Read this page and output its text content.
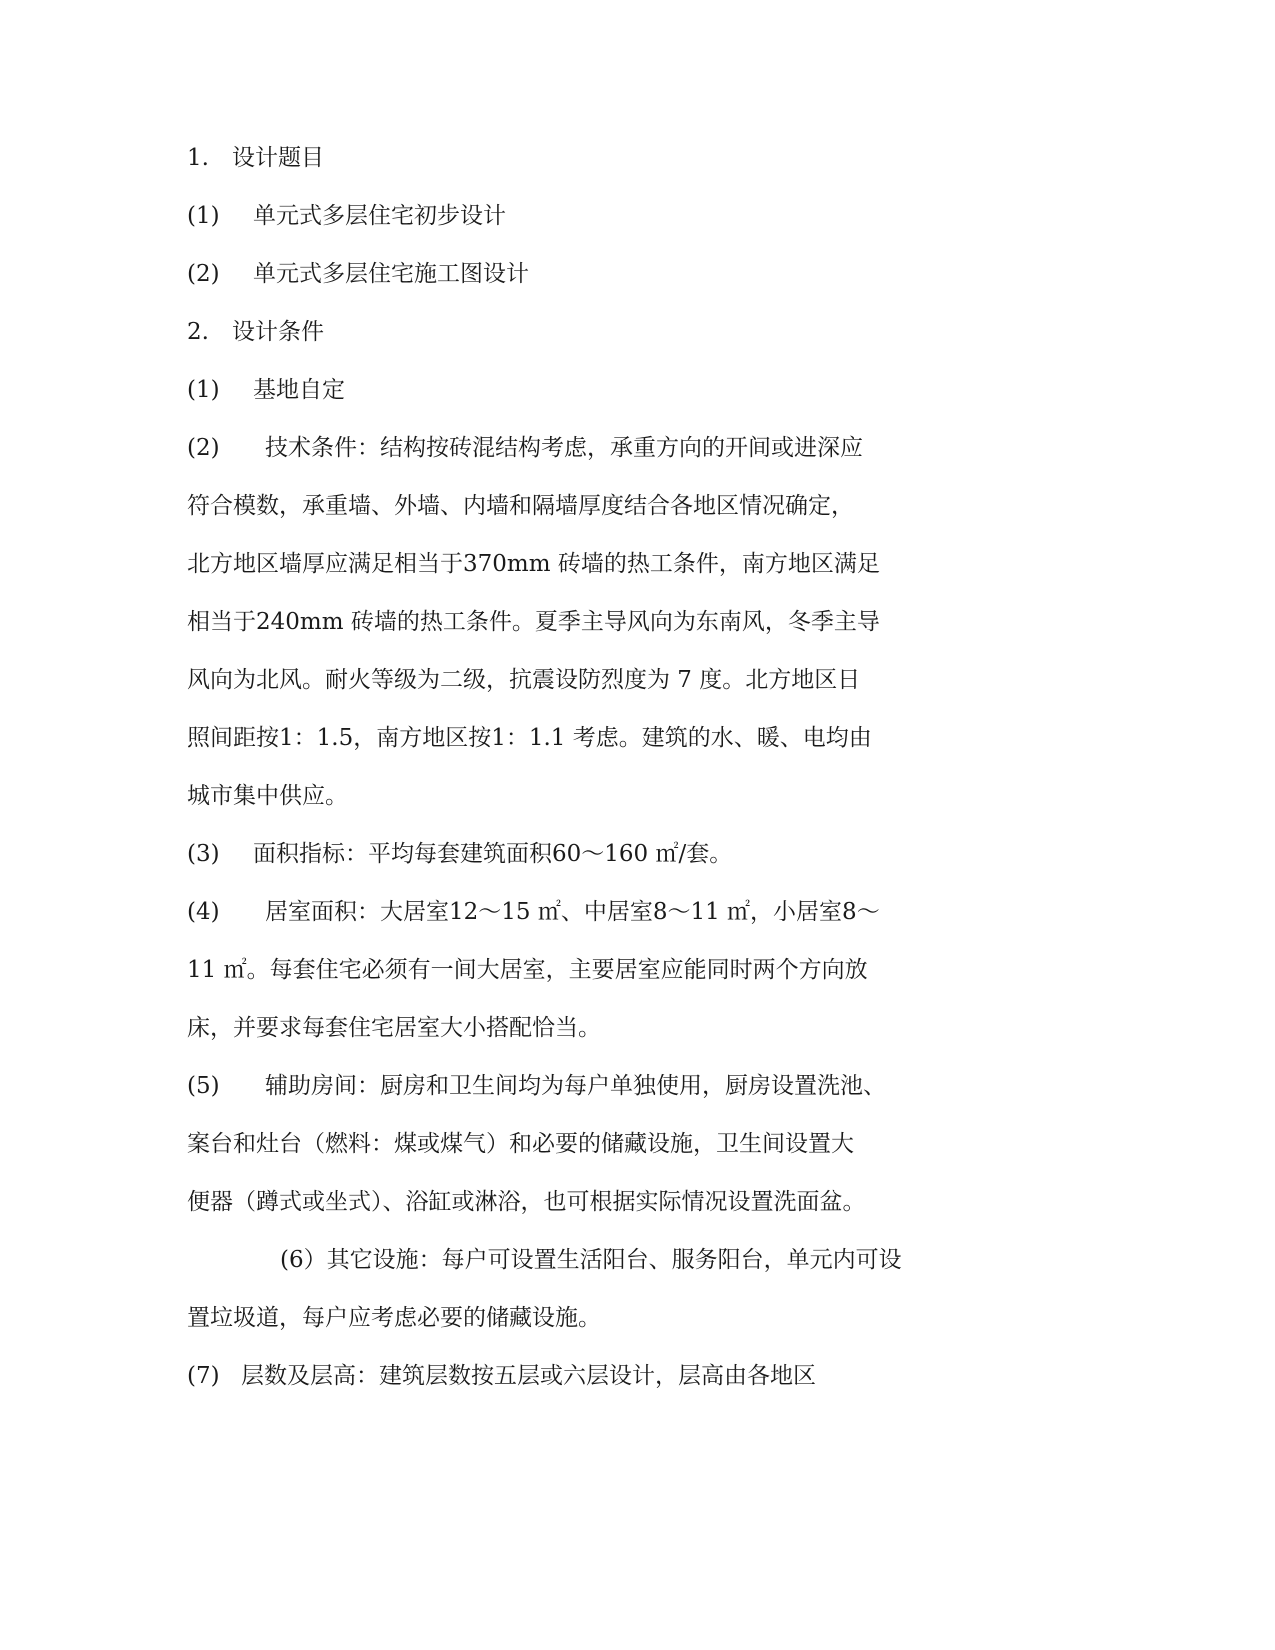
1. 设计题目

(1) 单元式多层住宅初步设计

(2) 单元式多层住宅施工图设计

2. 设计条件

(1) 基地自定

(2) 技术条件：结构按砖混结构考虑，承重方向的开间或进深应

符合模数，承重墙、外墙、内墙和隔墙厚度结合各地区情况确定，

北方地区墙厚应满足相当于370mm 砖墙的热工条件，南方地区满足

相当于240mm 砖墙的热工条件。夏季主导风向为东南风，冬季主导

风向为北风。耐火等级为二级，抗震设防烈度为 7 度。北方地区日

照间距按1：1.5，南方地区按1：1.1 考虑。建筑的水、暖、电均由

城市集中供应。

(3) 面积指标：平均每套建筑面积60～160 ㎡/套。

(4) 居室面积：大居室12～15 ㎡、中居室8～11 ㎡，小居室8～

11 ㎡。每套住宅必须有一间大居室，主要居室应能同时两个方向放

床，并要求每套住宅居室大小搭配恰当。

(5) 辅助房间：厨房和卫生间均为每户单独使用，厨房设置洗池、

案台和灶台（燃料：煤或煤气）和必要的储藏设施，卫生间设置大

便器（蹲式或坐式）、浴缸或淋浴，也可根据实际情况设置洗面盆。

(6）其它设施：每户可设置生活阳台、服务阳台，单元内可设

置垃圾道，每户应考虑必要的储藏设施。

(7) 层数及层高：建筑层数按五层或六层设计，层高由各地区
